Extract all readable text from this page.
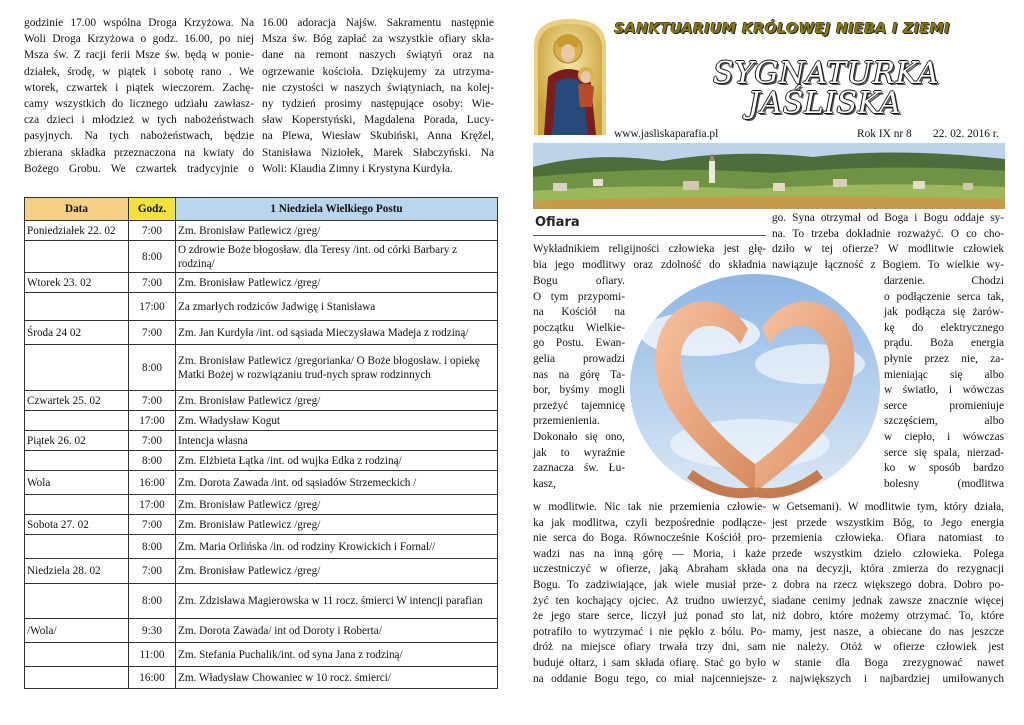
godzinie 17.00 wspólna Droga Krzyżowa. Na

Woli Droga Krzyżowa o godz. 16.00, po niej

Msza św. Z racji ferii Msze św. będą w ponie-

działek, środę, w piątek i sobotę rano . We

wtorek, czwartek i piątek wieczorem. Zachę-

camy wszystkich do licznego udziału zawłasz-

cza dzieci i młodzież w tych nabożeństwach

pasyjnych. Na tych nabożeństwach, będzie

zbierana składka przeznaczona na kwiaty do

Bożego Grobu. We czwartek tradycyjnie o

16.00 adoracja Najśw. Sakramentu następnie

Msza św. Bóg zapłać za wszystkie ofiary skła-

dane na remont naszych świątyń oraz na

ogrzewanie kościoła. Dziękujemy za utrzyma-

nie czystości w naszych świątyniach, na kolej-

ny tydzień prosimy następujące osoby: Wie-

sław Koperstyński, Magdalena Porada, Lucy-

na Plewa, Wiesław Skubiński, Anna Kręžel,

Stanisława Niziołek, Marek Słabczyński. Na

Woli: Klaudia Zimny i Krystyna Kurdyła.

Data	Godz.	1 Niedziela Wielkiego Postu
Poniedziałek 22. 02	7:00	Zm. Bronisław Patlewicz /greg/
	8:00	O zdrowie Boże błogosław. dla Teresy /int. od córki Barbary z rodziną/
Wtorek 23. 02	7:00	Zm. Bronisław Patlewicz /greg/
	17:00	Za zmarłych rodziców Jadwigę i Stanisława
Środa 24 02	7:00	Zm. Jan Kurdyła /int. od sąsiada Mieczysława Madeja z rodziną/
	8:00	Zm. Bronisław Patlewicz /gregorianka/ O Boże błogosław. i opiekę Matki Bożej w rozwiązaniu trud-nych spraw rodzinnych
Czwartek 25. 02	7:00	Zm. Bronisław Patlewicz /greg/
	17:00	Zm. Władysław Kogut
Piątek 26. 02	7:00	Intencja własna
	8:00	Zm. Elżbieta Łątka /int. od wujka Edka z rodziną/
Wola	16:00	Zm. Dorota Zawada /int. od sąsiadów Strzemeckich /
	17:00	Zm. Bronisław Patlewicz /greg/
Sobota 27. 02	7:00	Zm. Bronisław Patlewicz /greg/
	8:00	Zm. Maria Orlińska /in. od rodziny Krowickich i Fornal//
Niedziela 28. 02	7:00	Zm. Bronisław Patlewicz /greg/
	8:00	Zm. Zdzisława Magierowska w 11 rocz. śmierci W intencji parafian
/Wola/	9:30	Zm. Dorota Zawada/ int od Doroty i Roberta/
	11:00	Zm. Stefania Puchalik/int. od syna Jana z rodziną/
	16:00	Zm. Władysław Chowaniec w 10 rocz. śmierci/
SANKTUARIUM KRÓLOWEJ NIEBA I ZIEMI
SYGNATURKA
JAŚLISKA
www.jasliskaparafia.pl	Rok IX nr 8 22. 02. 2016 r.
Ofiara

Wykładnikiem religijności człowieka jest głę-

bia jego modlitwy oraz zdolność do składnia

Bogu ofiary.

O tym przypomi-

na Kościół na

początku Wielkie-

go Postu. Ewan-

gelia prowadzi

nas na górę Ta-

bor, byśmy mogli

przeżyć tajemnicę

przemienienia.

Dokonało się ono,

jak to wyraźnie

zaznacza św. Łu-

kasz,

w modlitwie. Nic tak nie przemienia człowie-

ka jak modlitwa, czyli bezpośrednie podłącze-

nie serca do Boga. Równocześnie Kościół pro-

wadzi nas na inną górę — Moria, i każe

uczestniczyć w ofierze, jaką Abraham składa

Bogu. To zadziwiające, jak wiele musiał prze-

żyć ten kochający ojciec. Aż trudno uwierzyć,

że jego stare serce, liczył już ponad sto lat,

potrafiło to wytrzymać i nie pękło z bólu. Po-

dróż na miejsce ofiary trwała trzy dni, sam

buduje ołtarz, i sam składa ofiarę. Stać go było

na oddanie Bogu tego, co miał najcenniejsze-

go. Syna otrzymał od Boga i Bogu oddaje sy-

na. To trzeba dokładnie rozważyć. O co cho-

dziło w tej ofierze? W modlitwie człowiek

nawiązuje łączność z Bogiem. To wielkie wy-

darzenie. Chodzi

o podłączenie serca tak,

jak podłącza się żarów-

kę do elektrycznego

prądu. Boża energia

płynie przez nie, za-

mieniając się albo

w światło, i wówczas

serce promieniuje

szczęściem, albo

w ciepło, i wówczas

serce się spala, nierzad-

ko w sposób bardzo

bolesny (modlitwa

w Getsemani). W modlitwie tym, który działa,

jest przede wszystkim Bóg, to Jego energia

przemienia człowieka. Ofiara natomiast to

przede wszystkim dzieło człowieka. Polega

ona na decyzji, która zmierza do rezygnacji

z dobra na rzecz większego dobra. Dobro po-

siadane cenimy jednak zawsze znacznie więcej

niż dobro, które możemy otrzymać. To, które

mamy, jest nasze, a obiecane do nas jeszcze

nie należy. Otóż w ofierze człowiek jest

w stanie dla Boga zrezygnować nawet

z największych i najbardziej umiłowanych
